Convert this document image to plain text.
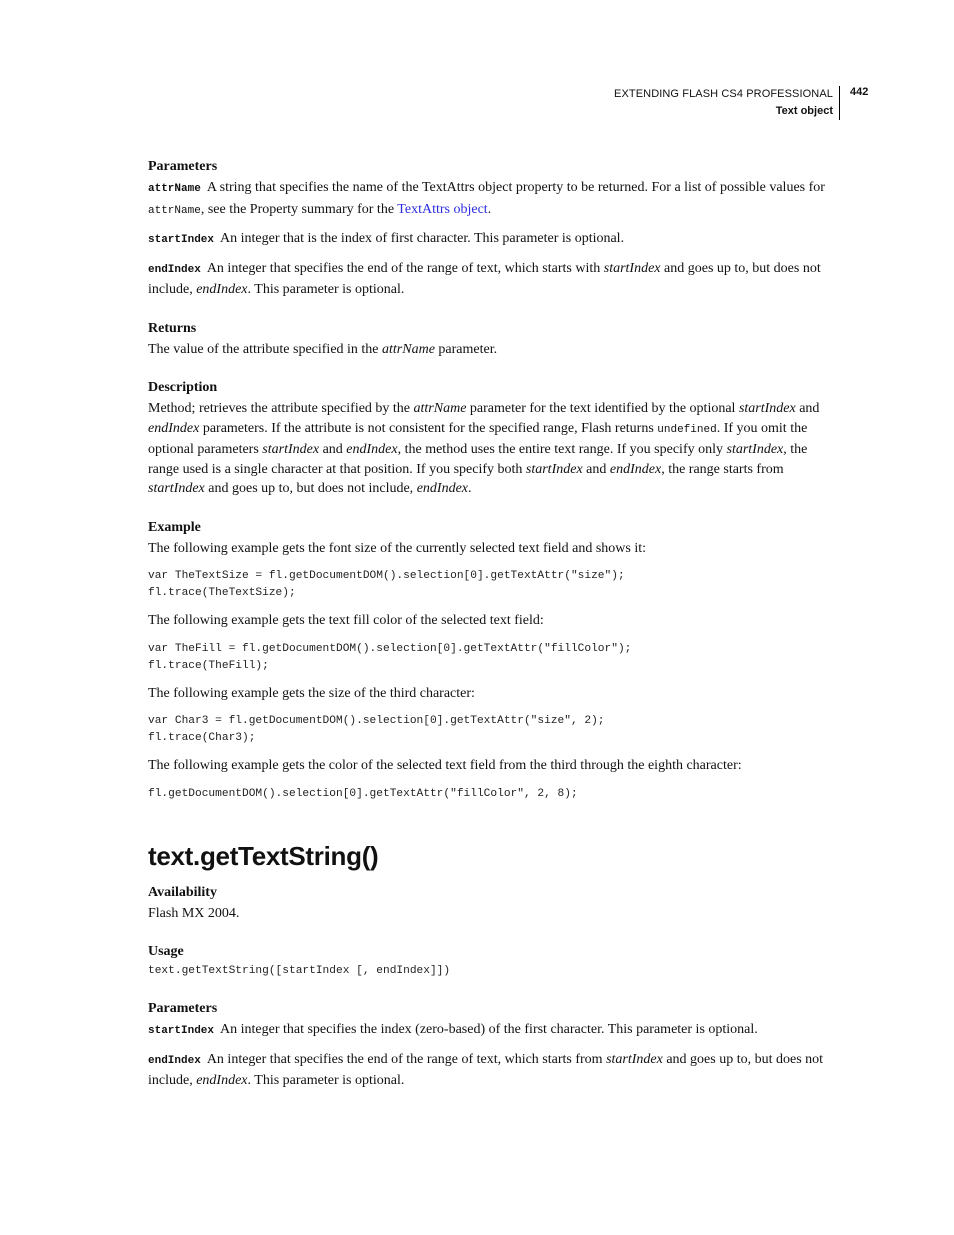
EXTENDING FLASH CS4 PROFESSIONAL
Text object
442
Parameters

attrName A string that specifies the name of the TextAttrs object property to be returned. For a list of possible values for attrName, see the Property summary for the TextAttrs object.

startIndex An integer that is the index of first character. This parameter is optional.

endIndex An integer that specifies the end of the range of text, which starts with startIndex and goes up to, but does not include, endIndex. This parameter is optional.

Returns

The value of the attribute specified in the attrName parameter.

Description

Method; retrieves the attribute specified by the attrName parameter for the text identified by the optional startIndex and endIndex parameters. If the attribute is not consistent for the specified range, Flash returns undefined. If you omit the optional parameters startIndex and endIndex, the method uses the entire text range. If you specify only startIndex, the range used is a single character at that position. If you specify both startIndex and endIndex, the range starts from startIndex and goes up to, but does not include, endIndex.

Example

The following example gets the font size of the currently selected text field and shows it:

var TheTextSize = fl.getDocumentDOM().selection[0].getTextAttr("size");
fl.trace(TheTextSize);

The following example gets the text fill color of the selected text field:

var TheFill = fl.getDocumentDOM().selection[0].getTextAttr("fillColor");
fl.trace(TheFill);

The following example gets the size of the third character:

var Char3 = fl.getDocumentDOM().selection[0].getTextAttr("size", 2);
fl.trace(Char3);

The following example gets the color of the selected text field from the third through the eighth character:

fl.getDocumentDOM().selection[0].getTextAttr("fillColor", 2, 8);
text.getTextString()
Availability

Flash MX 2004.

Usage
text.getTextString([startIndex [, endIndex]])
Parameters

startIndex An integer that specifies the index (zero-based) of the first character. This parameter is optional.

endIndex An integer that specifies the end of the range of text, which starts from startIndex and goes up to, but does not include, endIndex. This parameter is optional.
